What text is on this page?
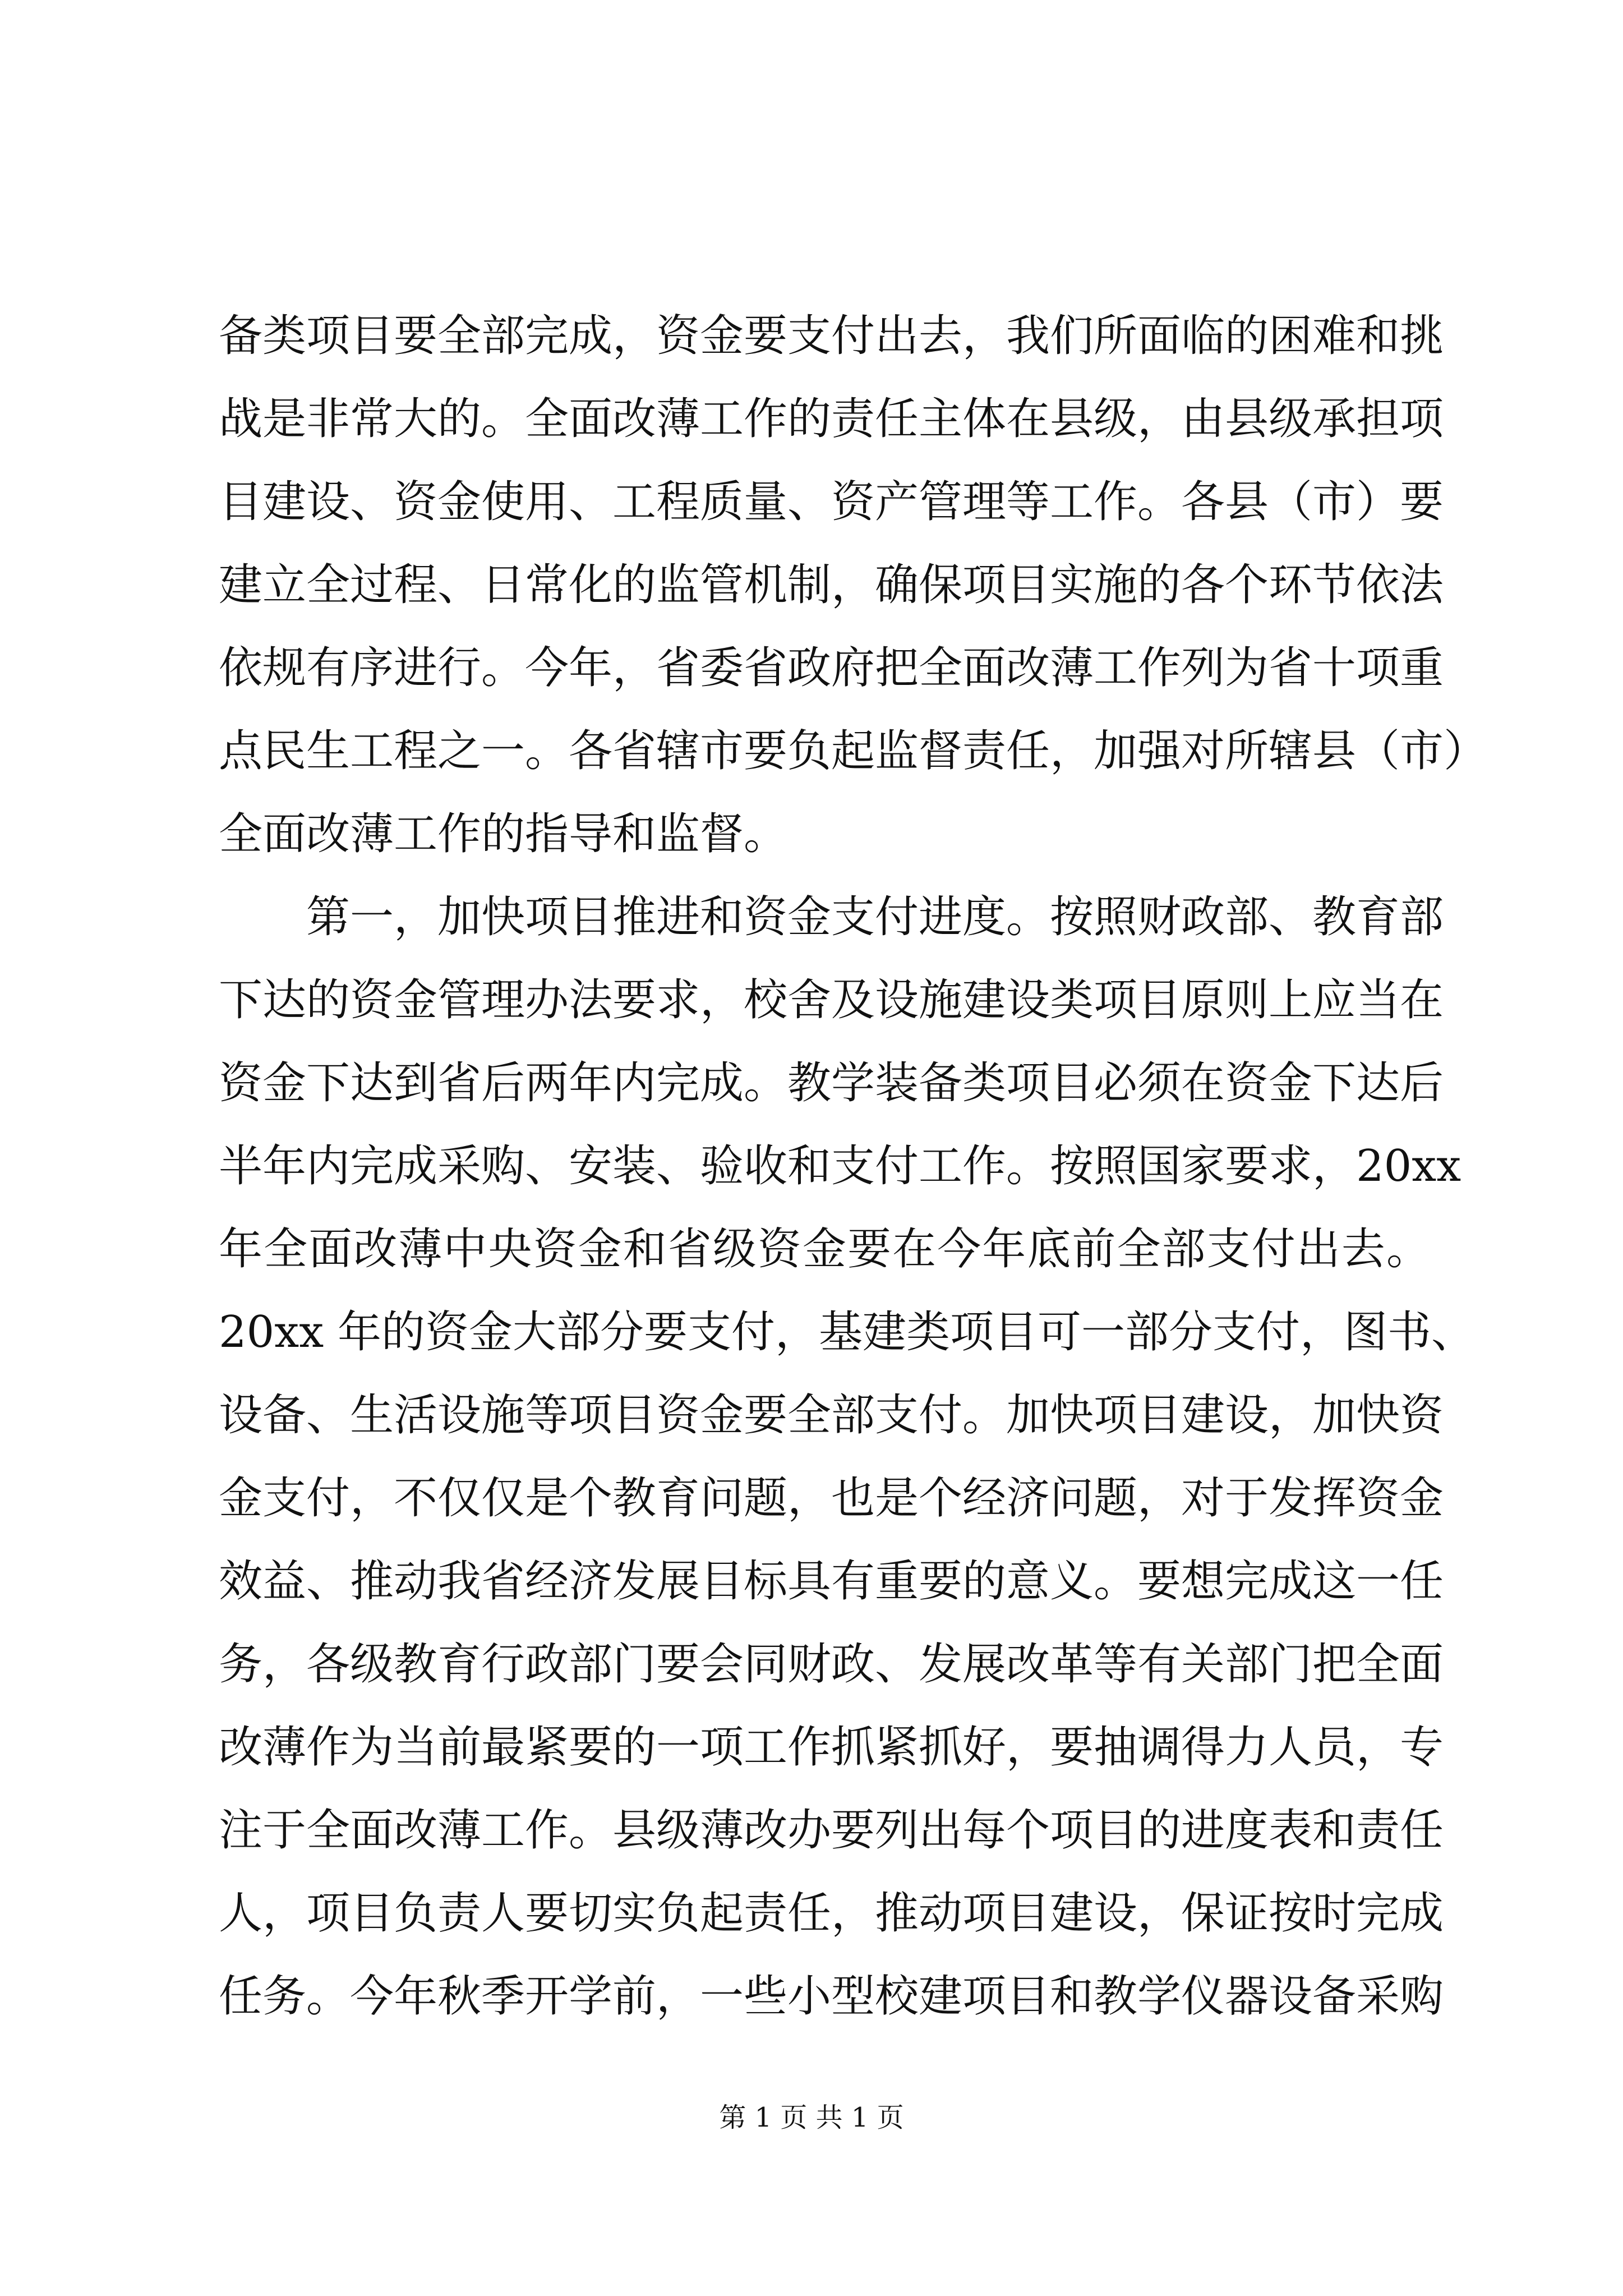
备类项目要全部完成，资金要支付出去，我们所面临的困难和挑
战是非常大的。全面改薄工作的责任主体在县级，由县级承担项
目建设、资金使用、工程质量、资产管理等工作。各县（市）要
建立全过程、日常化的监管机制，确保项目实施的各个环节依法
依规有序进行。今年，省委省政府把全面改薄工作列为省十项重
点民生工程之一。各省辖市要负起监督责任，加强对所辖县（市）
全面改薄工作的指导和监督。
　　第一，加快项目推进和资金支付进度。按照财政部、教育部
下达的资金管理办法要求，校舍及设施建设类项目原则上应当在
资金下达到省后两年内完成。教学装备类项目必须在资金下达后
半年内完成采购、安装、验收和支付工作。按照国家要求，20xx
年全面改薄中央资金和省级资金要在今年底前全部支付出去。
20xx 年的资金大部分要支付，基建类项目可一部分支付，图书、
设备、生活设施等项目资金要全部支付。加快项目建设，加快资
金支付，不仅仅是个教育问题，也是个经济问题，对于发挥资金
效益、推动我省经济发展目标具有重要的意义。要想完成这一任
务，各级教育行政部门要会同财政、发展改革等有关部门把全面
改薄作为当前最紧要的一项工作抓紧抓好，要抽调得力人员，专
注于全面改薄工作。县级薄改办要列出每个项目的进度表和责任
人，项目负责人要切实负起责任，推动项目建设，保证按时完成
任务。今年秋季开学前，一些小型校建项目和教学仪器设备采购
第 1 页 共 1 页
